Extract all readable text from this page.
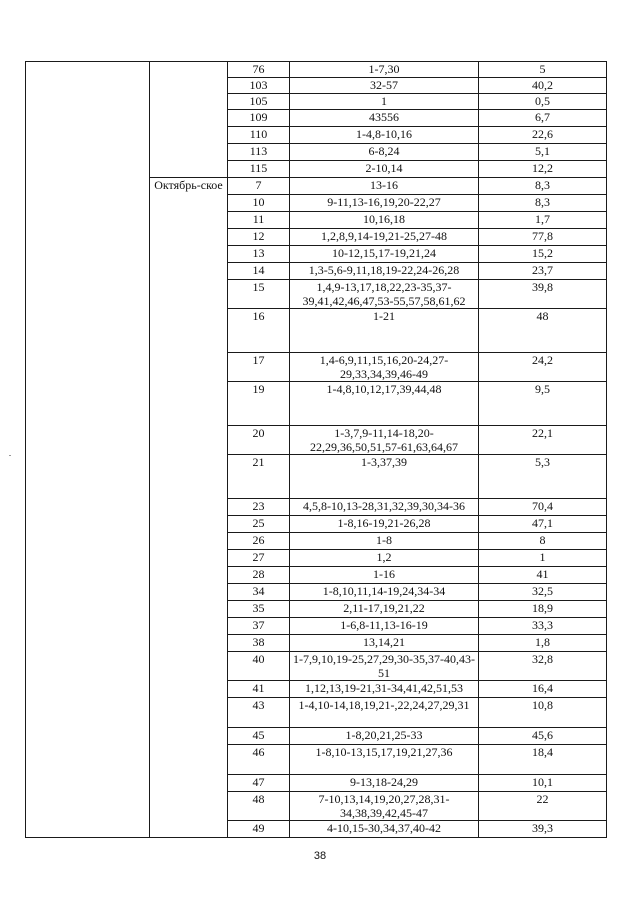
		76	1-7,30	5
		103	32-57	40,2
		105	1	0,5
		109	43556	6,7
		110	1-4,8-10,16	22,6
		113	6-8,24	5,1
		115	2-10,14	12,2
	Октябрь-ское	7	13-16	8,3
		10	9-11,13-16,19,20-22,27	8,3
		11	10,16,18	1,7
		12	1,2,8,9,14-19,21-25,27-48	77,8
		13	10-12,15,17-19,21,24	15,2
		14	1,3-5,6-9,11,18,19-22,24-26,28	23,7
		15	1,4,9-13,17,18,22,23-35,37-39,41,42,46,47,53-55,57,58,61,62	39,8
		16	1-21	48
		17	1,4-6,9,11,15,16,20-24,27-29,33,34,39,46-49	24,2
		19	1-4,8,10,12,17,39,44,48	9,5
		20	1-3,7,9-11,14-18,20-22,29,36,50,51,57-61,63,64,67	22,1
		21	1-3,37,39	5,3
		23	4,5,8-10,13-28,31,32,39,30,34-36	70,4
		25	1-8,16-19,21-26,28	47,1
		26	1-8	8
		27	1,2	1
		28	1-16	41
		34	1-8,10,11,14-19,24,34-34	32,5
		35	2,11-17,19,21,22	18,9
		37	1-6,8-11,13-16-19	33,3
		38	13,14,21	1,8
		40	1-7,9,10,19-25,27,29,30-35,37-40,43-51	32,8
		41	1,12,13,19-21,31-34,41,42,51,53	16,4
		43	1-4,10-14,18,19,21-,22,24,27,29,31	10,8
		45	1-8,20,21,25-33	45,6
		46	1-8,10-13,15,17,19,21,27,36	18,4
		47	9-13,18-24,29	10,1
		48	7-10,13,14,19,20,27,28,31-34,38,39,42,45-47	22
		49	4-10,15-30,34,37,40-42	39,3
38
